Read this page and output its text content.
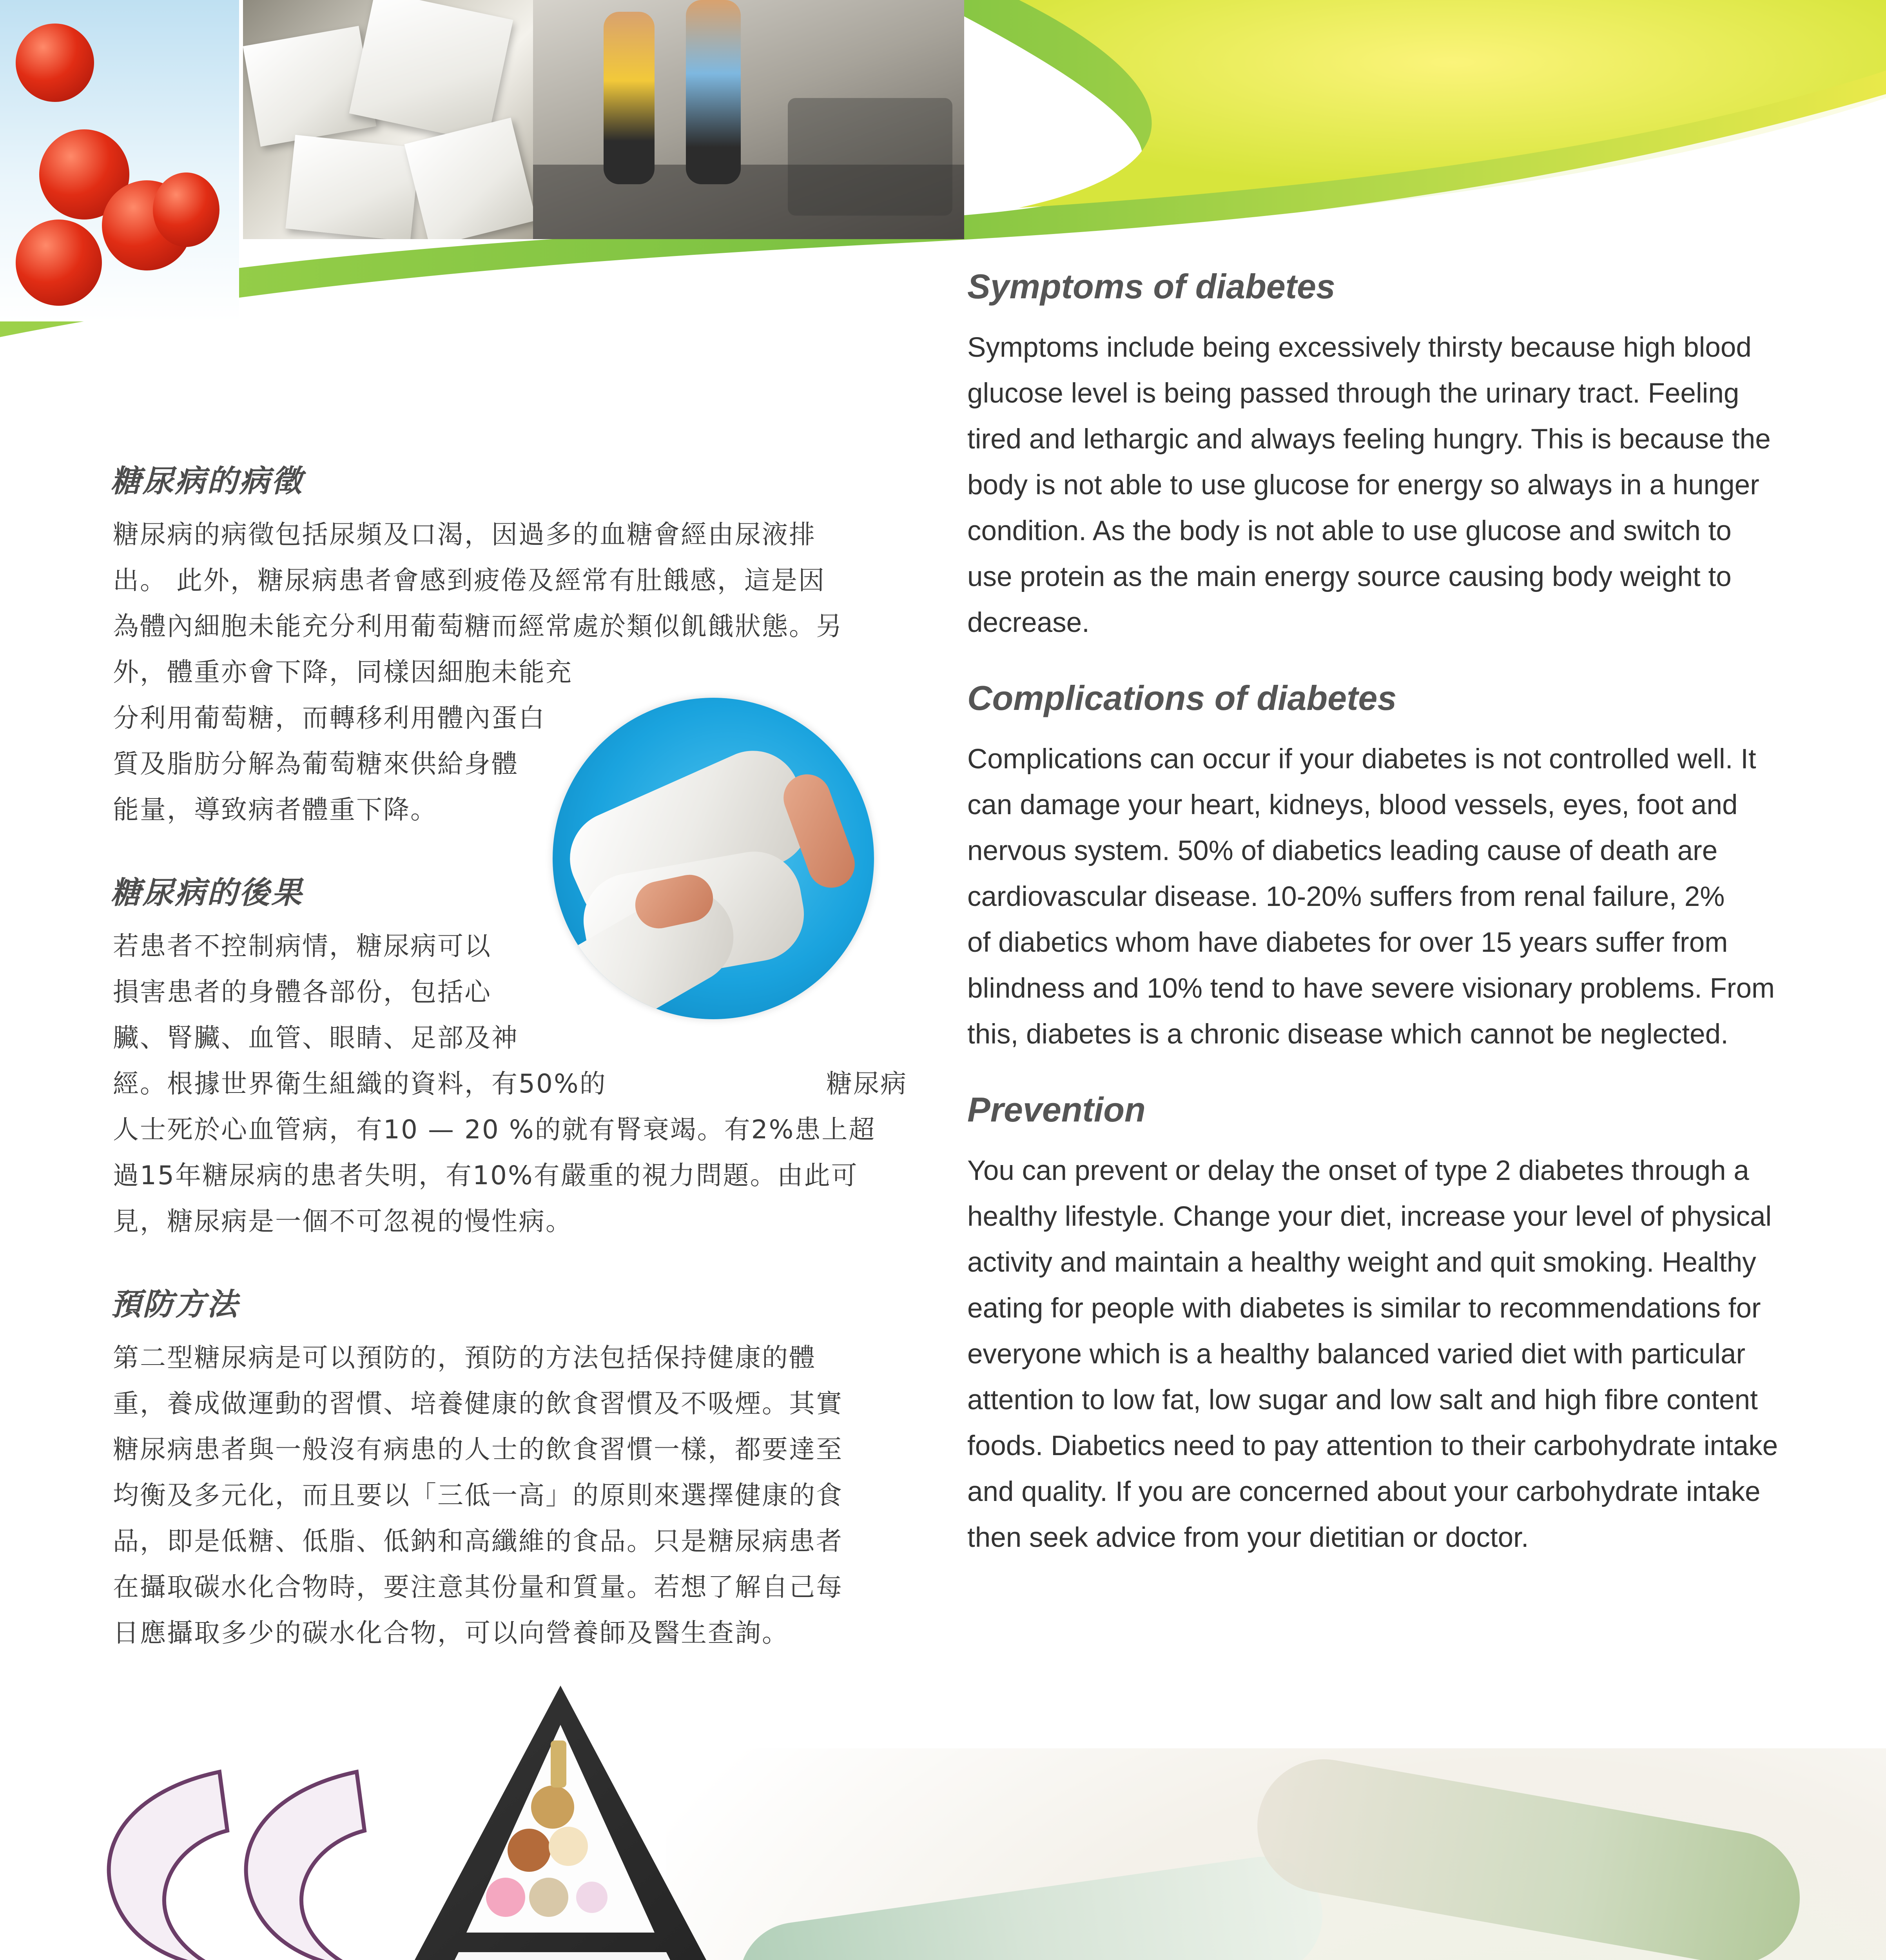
糖尿病的病徵
糖尿病的病徵包括尿頻及口渴，因過多的血糖會經由尿液排
出。 此外，糖尿病患者會感到疲倦及經常有肚餓感，這是因
為體內細胞未能充分利用葡萄糖而經常處於類似飢餓狀態。另
外，體重亦會下降，同樣因細胞未能充
分利用葡萄糖，而轉移利用體內蛋白
質及脂肪分解為葡萄糖來供給身體
能量，導致病者體重下降。
糖尿病的後果
若患者不控制病情，糖尿病可以
損害患者的身體各部份，包括心
臟、腎臟、血管、眼睛、足部及神
經。根據世界衛生組織的資料，有50%的
人士死於心血管病，有10 — 20 %的就有腎衰竭。有2%患上超
過15年糖尿病的患者失明，有10%有嚴重的視力問題。由此可
見，糖尿病是一個不可忽視的慢性病。
糖尿病
預防方法
第二型糖尿病是可以預防的，預防的方法包括保持健康的體
重，養成做運動的習慣、培養健康的飲食習慣及不吸煙。其實
糖尿病患者與一般沒有病患的人士的飲食習慣一樣，都要達至
均衡及多元化，而且要以「三低一高」的原則來選擇健康的食
品，即是低糖、低脂、低鈉和高纖維的食品。只是糖尿病患者
在攝取碳水化合物時，要注意其份量和質量。若想了解自己每
日應攝取多少的碳水化合物，可以向營養師及醫生查詢。
Symptoms of diabetes
Symptoms include being excessively thirsty because high blood
glucose level is being passed through the urinary tract. Feeling
tired and lethargic and always feeling hungry. This is because the
body is not able to use glucose for energy so always in a hunger
condition. As the body is not able to use glucose and switch to
use protein as the main energy source causing body weight to
decrease.
Complications of diabetes
Complications can occur if your diabetes is not controlled well. It
can damage your heart, kidneys, blood vessels, eyes, foot and
nervous system. 50% of diabetics leading cause of death are
cardiovascular disease. 10-20% suffers from renal failure, 2%
of diabetics whom have diabetes for over 15 years suffer from
blindness and 10% tend to have severe visionary problems. From
this, diabetes is a chronic disease which cannot be neglected.
Prevention
You can prevent or delay the onset of type 2 diabetes through a
healthy lifestyle. Change your diet, increase your level of physical
activity and maintain a healthy weight and quit smoking. Healthy
eating for people with diabetes is similar to recommendations for
everyone which is a healthy balanced varied diet with particular
attention to low fat, low sugar and low salt and high fibre content
foods. Diabetics need to pay attention to their carbohydrate intake
and quality. If you are concerned about your carbohydrate intake
then seek advice from your dietitian or doctor.
